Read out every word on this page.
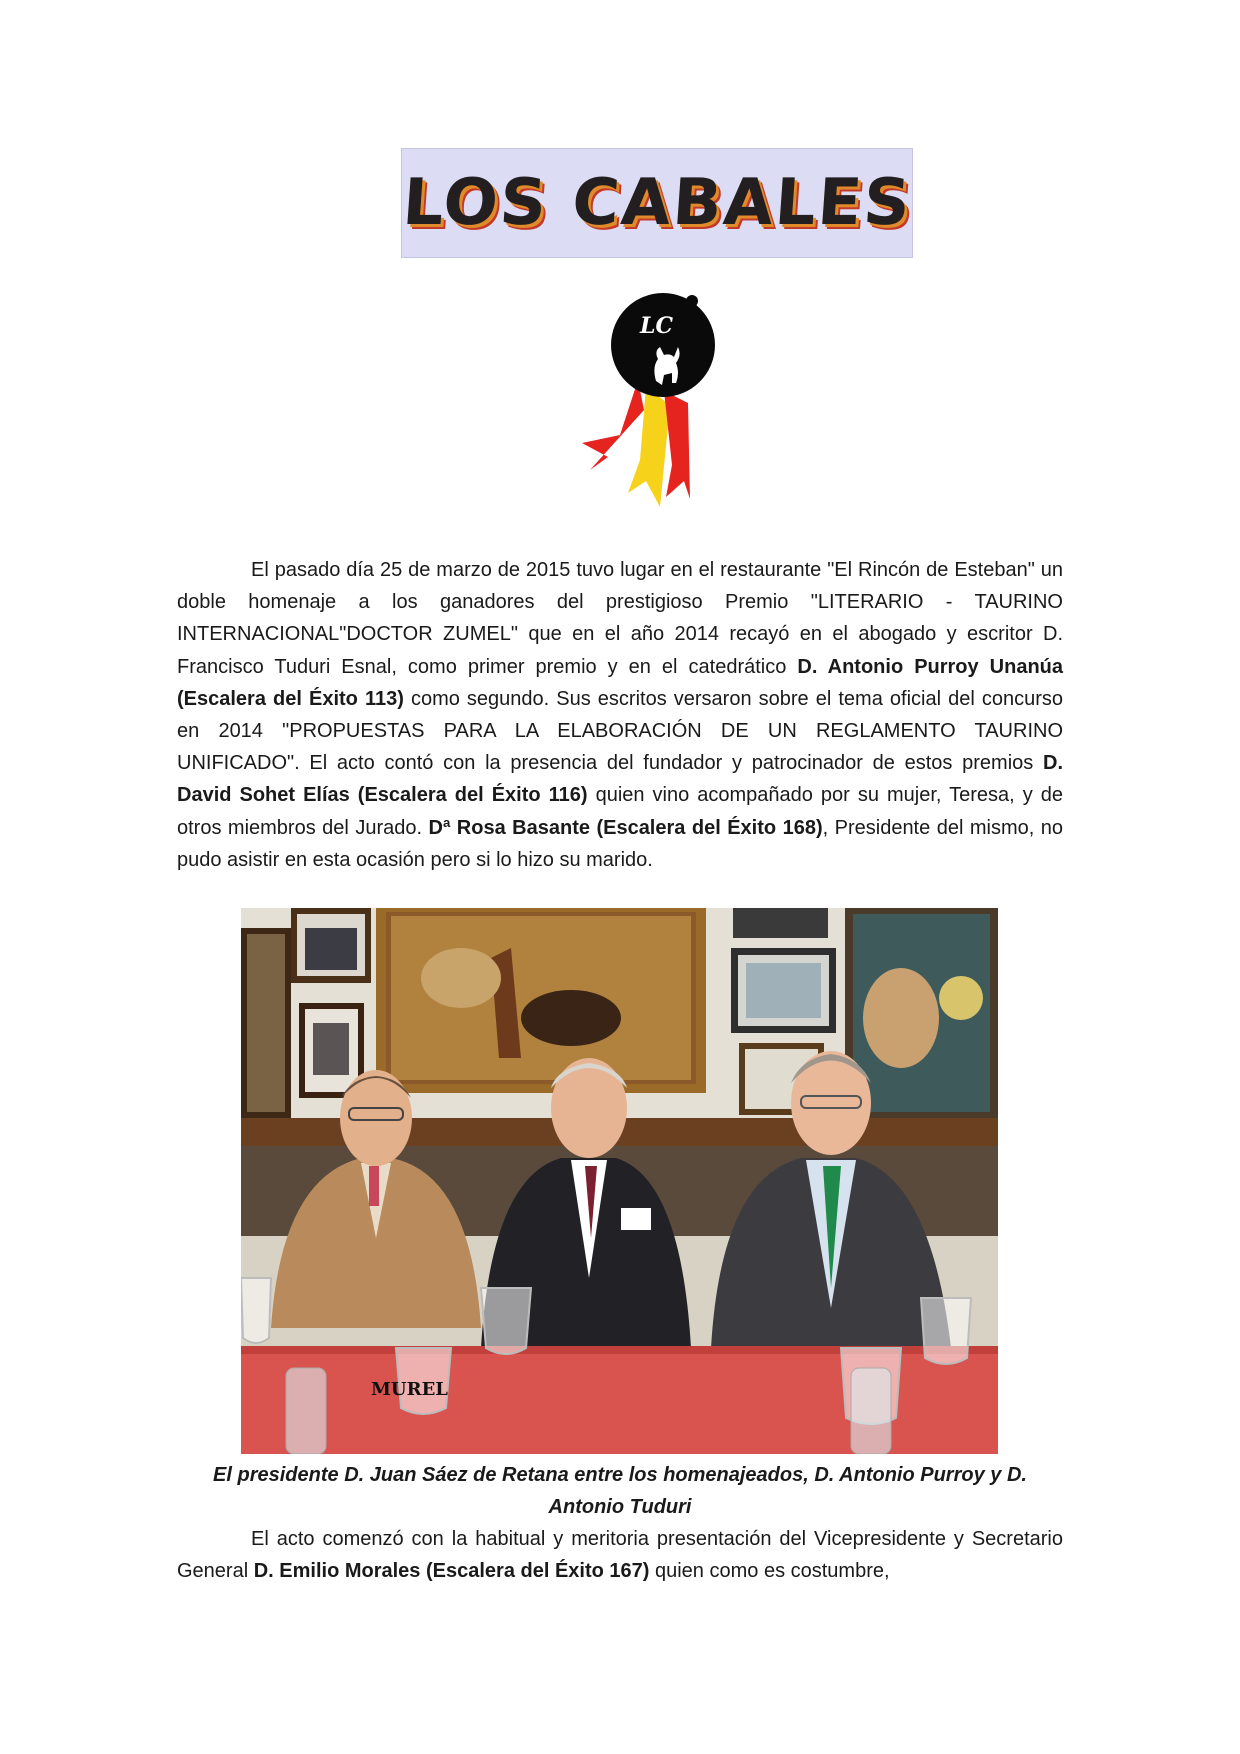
LOS CABALES
LC

El pasado día 25 de marzo de 2015 tuvo lugar en el restaurante "El Rincón de Esteban" un doble homenaje a los ganadores del prestigioso Premio "LITERARIO - TAURINO INTERNACIONAL"DOCTOR ZUMEL" que en el año 2014 recayó en el abogado y escritor D. Francisco Tuduri Esnal, como primer premio y en el catedrático D. Antonio Purroy Unanúa (Escalera del Éxito 113) como segundo. Sus escritos versaron sobre el tema oficial del concurso en 2014 "PROPUESTAS PARA LA ELABORACIÓN DE UN REGLAMENTO TAURINO UNIFICADO". El acto contó con la presencia del fundador y patrocinador de estos premios D. David Sohet Elías (Escalera del Éxito 116) quien vino acompañado por su mujer, Teresa, y de otros miembros del Jurado. Dª Rosa Basante (Escalera del Éxito 168), Presidente del mismo, no pudo asistir en esta ocasión pero si lo hizo su marido.

MUREL

El presidente D. Juan Sáez de Retana entre los homenajeados, D. Antonio Purroy y D. Antonio Tuduri

El acto comenzó con la habitual y meritoria presentación del Vicepresidente y Secretario General D. Emilio Morales (Escalera del Éxito 167) quien como es costumbre,
